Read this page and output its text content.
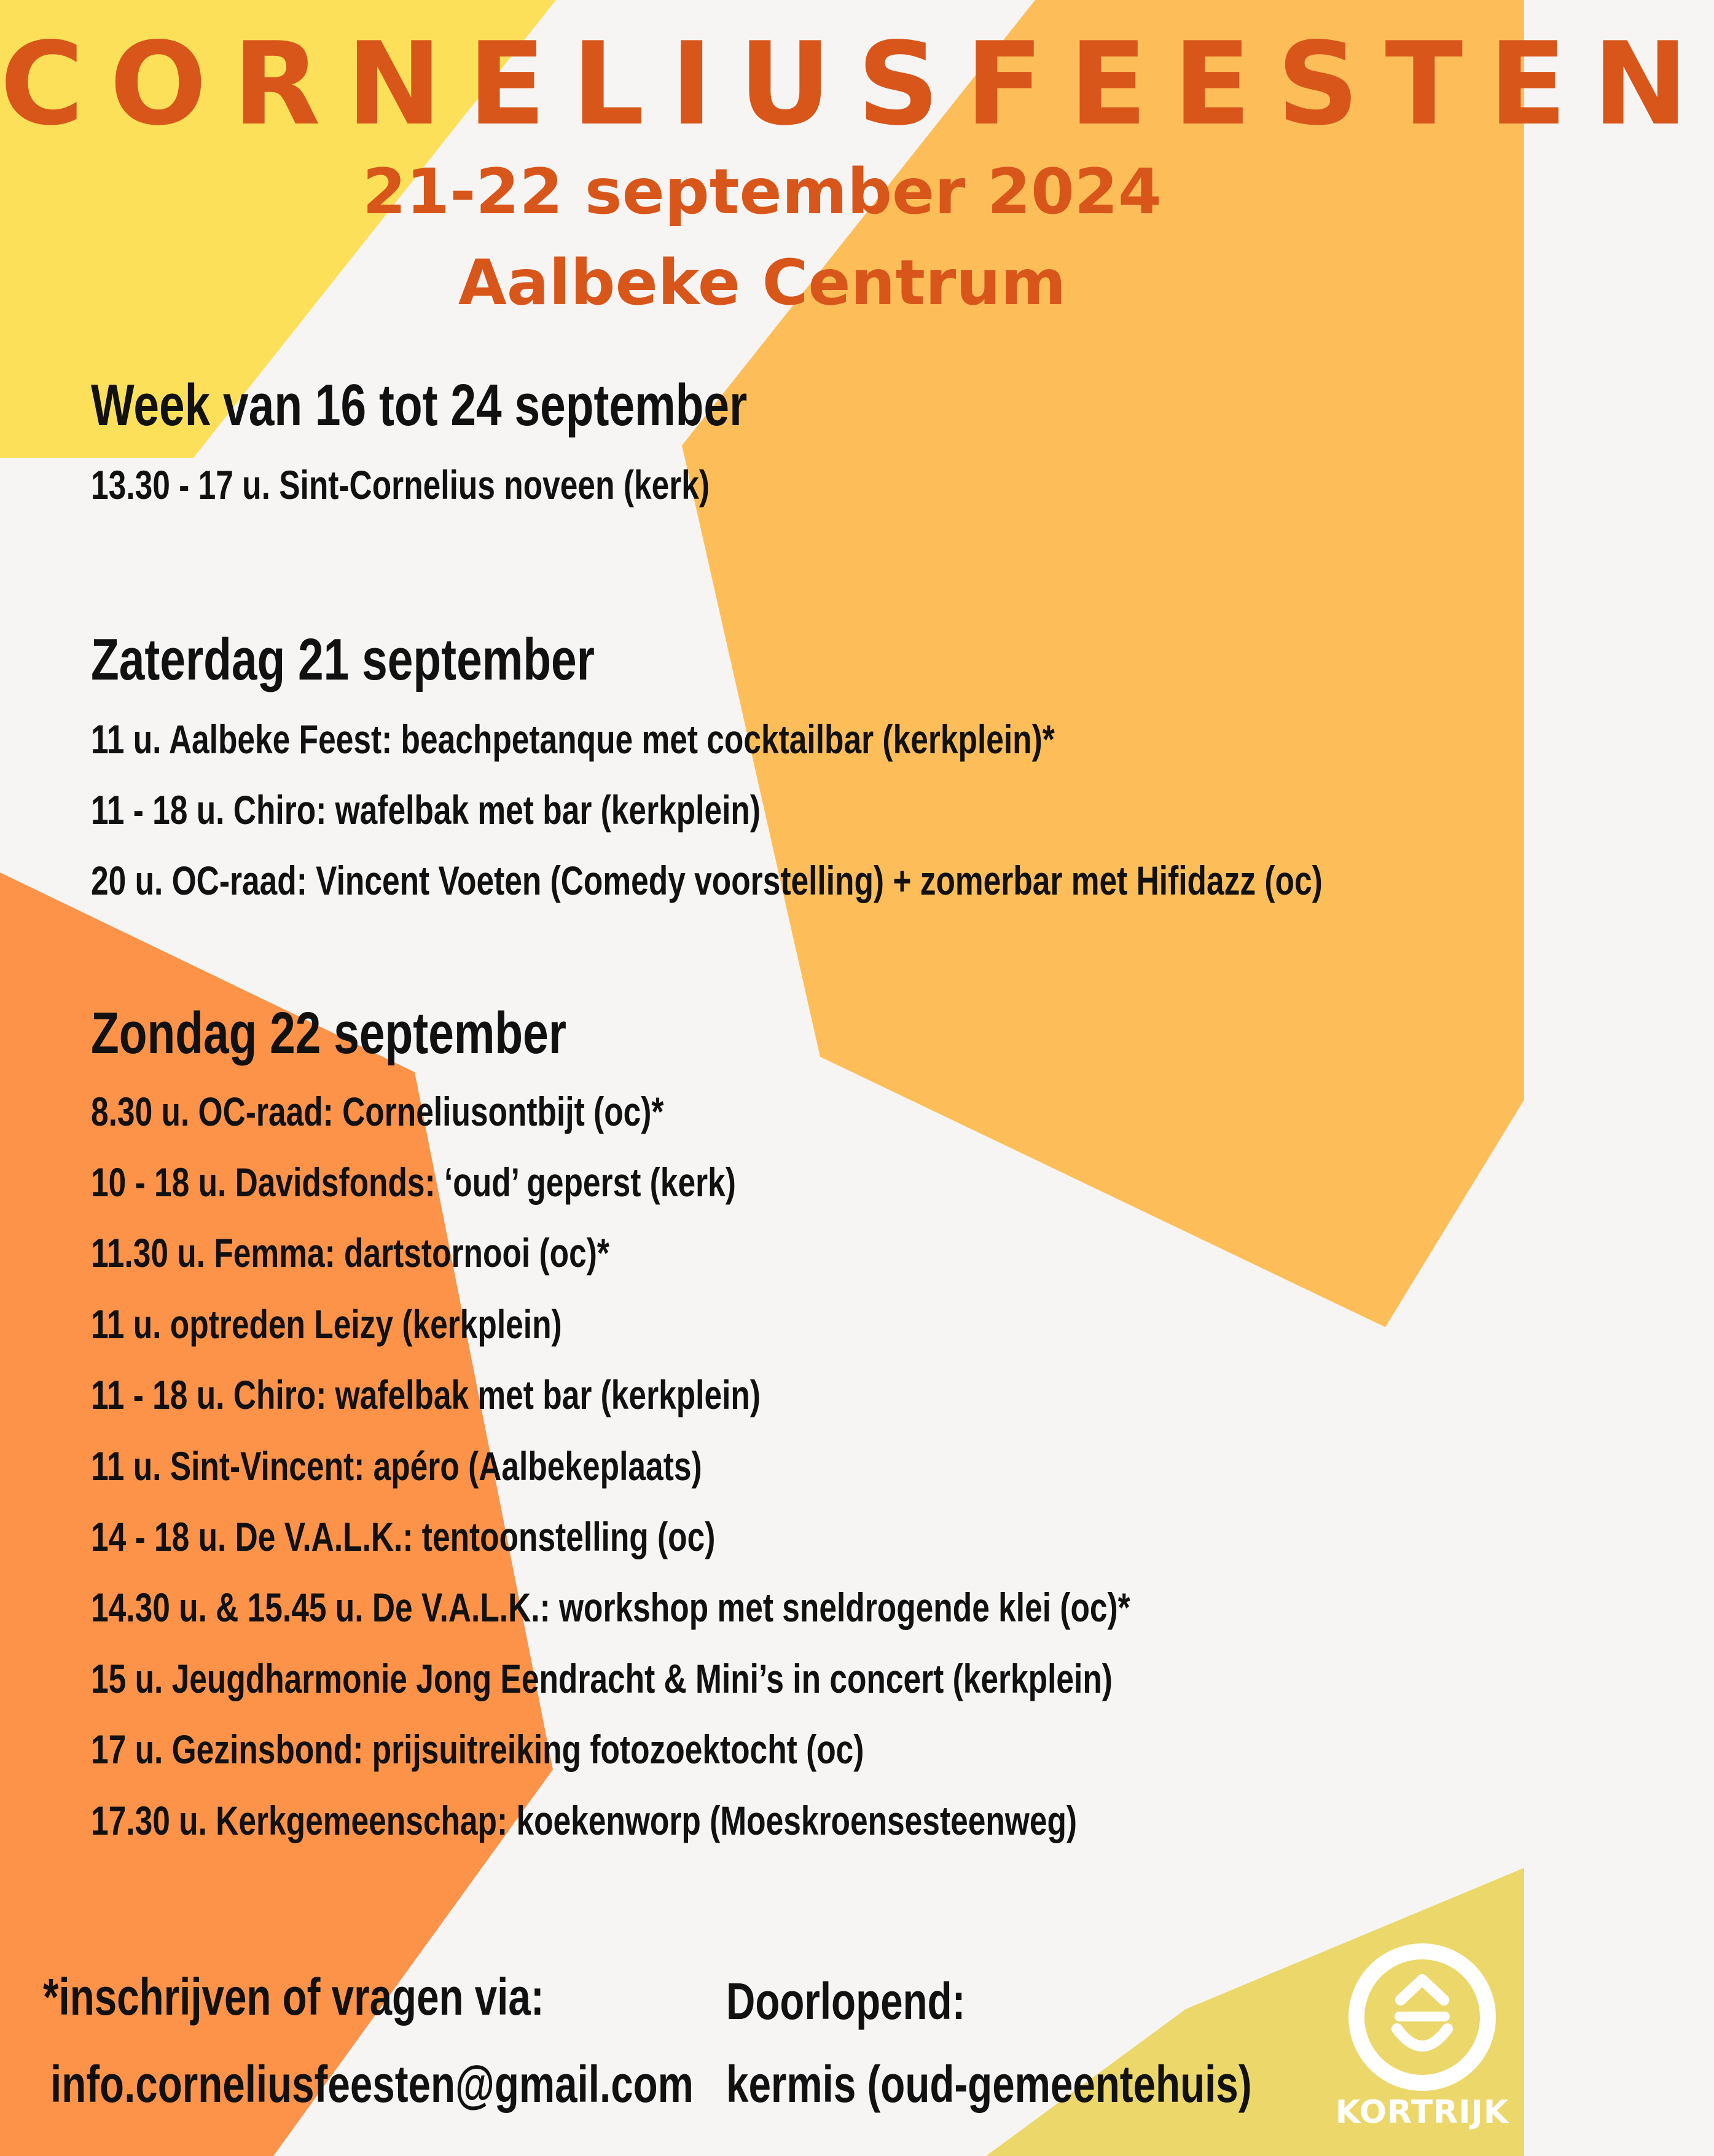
CORNELIUSFEESTEN
21-22 september 2024
Aalbeke Centrum
Week van 16 tot 24 september
13.30 - 17 u. Sint-Cornelius noveen (kerk)
Zaterdag 21 september
11 u. Aalbeke Feest: beachpetanque met cocktailbar (kerkplein)*
11 - 18 u. Chiro: wafelbak met bar (kerkplein)
20 u. OC-raad: Vincent Voeten (Comedy voorstelling) + zomerbar met Hifidazz (oc)
Zondag 22 september
8.30 u. OC-raad: Corneliusontbijt (oc)*
10 - 18 u. Davidsfonds: ‘oud’ geperst (kerk)
11.30 u. Femma: dartstornooi (oc)*
11 u. optreden Leizy (kerkplein)
11 - 18 u. Chiro: wafelbak met bar (kerkplein)
11 u. Sint-Vincent: apéro (Aalbekeplaats)
14 - 18 u. De V.A.L.K.: tentoonstelling (oc)
14.30 u. & 15.45 u. De V.A.L.K.: workshop met sneldrogende klei (oc)*
15 u. Jeugdharmonie Jong Eendracht & Mini’s in concert (kerkplein)
17 u. Gezinsbond: prijsuitreiking fotozoektocht (oc)
17.30 u. Kerkgemeenschap: koekenworp (Moeskroensesteenweg)
*inschrijven of vragen via:
info.corneliusfeesten@gmail.com
Doorlopend:
kermis (oud-gemeentehuis)	KORTRIJK
